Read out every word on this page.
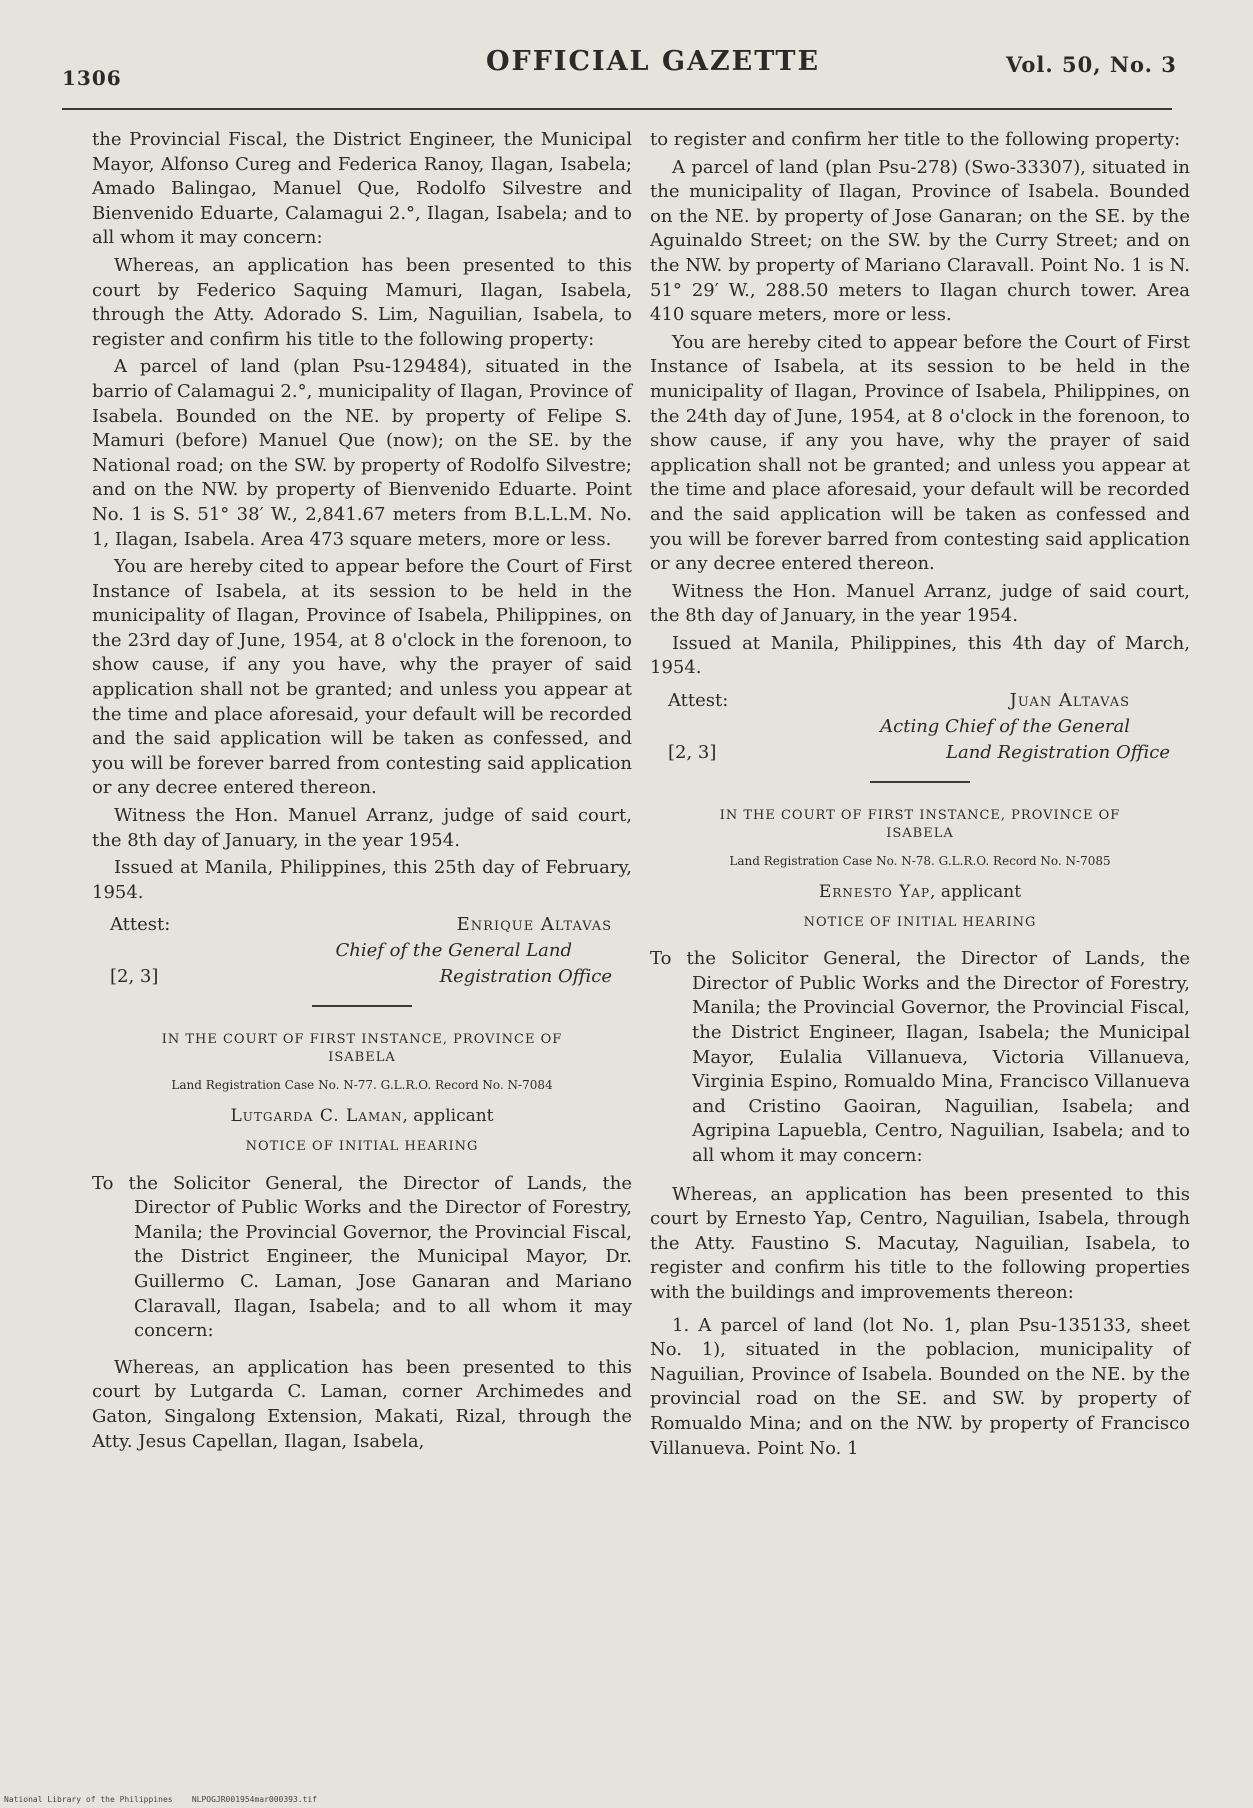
1306
OFFICIAL GAZETTE	Vol. 50, No. 3

the Provincial Fiscal, the District Engineer, the Municipal Mayor, Alfonso Cureg and Federica Ranoy, Ilagan, Isabela; Amado Balingao, Manuel Que, Rodolfo Silvestre and Bienvenido Eduarte, Calamagui 2.°, Ilagan, Isabela; and to all whom it may concern:

Whereas, an application has been presented to this court by Federico Saquing Mamuri, Ilagan, Isabela, through the Atty. Adorado S. Lim, Naguilian, Isabela, to register and confirm his title to the following property:

A parcel of land (plan Psu-129484), situated in the barrio of Calamagui 2.°, municipality of Ilagan, Province of Isabela. Bounded on the NE. by property of Felipe S. Mamuri (before) Manuel Que (now); on the SE. by the National road; on the SW. by property of Rodolfo Silvestre; and on the NW. by property of Bienvenido Eduarte. Point No. 1 is S. 51° 38′ W., 2,841.67 meters from B.L.L.M. No. 1, Ilagan, Isabela. Area 473 square meters, more or less.

You are hereby cited to appear before the Court of First Instance of Isabela, at its session to be held in the municipality of Ilagan, Province of Isabela, Philippines, on the 23rd day of June, 1954, at 8 o'clock in the forenoon, to show cause, if any you have, why the prayer of said application shall not be granted; and unless you appear at the time and place aforesaid, your default will be recorded and the said application will be taken as confessed, and you will be forever barred from contesting said application or any decree entered thereon.

Witness the Hon. Manuel Arranz, judge of said court, the 8th day of January, in the year 1954.

Issued at Manila, Philippines, this 25th day of February, 1954.

Attest:	Enrique Altavas
Chief of the General Land
[2, 3]	Registration Office
IN THE COURT OF FIRST INSTANCE, PROVINCE OF ISABELA
Land Registration Case No. N-77. G.L.R.O. Record No. N-7084
Lutgarda C. Laman, applicant
NOTICE OF INITIAL HEARING

To the Solicitor General, the Director of Lands, the Director of Public Works and the Director of Forestry, Manila; the Provincial Governor, the Provincial Fiscal, the District Engineer, the Municipal Mayor, Dr. Guillermo C. Laman, Jose Ganaran and Mariano Claravall, Ilagan, Isabela; and to all whom it may concern:

Whereas, an application has been presented to this court by Lutgarda C. Laman, corner Archimedes and Gaton, Singalong Extension, Makati, Rizal, through the Atty. Jesus Capellan, Ilagan, Isabela,

to register and confirm her title to the following property:

A parcel of land (plan Psu-278) (Swo-33307), situated in the municipality of Ilagan, Province of Isabela. Bounded on the NE. by property of Jose Ganaran; on the SE. by the Aguinaldo Street; on the SW. by the Curry Street; and on the NW. by property of Mariano Claravall. Point No. 1 is N. 51° 29′ W., 288.50 meters to Ilagan church tower. Area 410 square meters, more or less.

You are hereby cited to appear before the Court of First Instance of Isabela, at its session to be held in the municipality of Ilagan, Province of Isabela, Philippines, on the 24th day of June, 1954, at 8 o'clock in the forenoon, to show cause, if any you have, why the prayer of said application shall not be granted; and unless you appear at the time and place aforesaid, your default will be recorded and the said application will be taken as confessed and you will be forever barred from contesting said application or any decree entered thereon.

Witness the Hon. Manuel Arranz, judge of said court, the 8th day of January, in the year 1954.

Issued at Manila, Philippines, this 4th day of March, 1954.

Attest:	Juan Altavas
Acting Chief of the General
[2, 3]	Land Registration Office
IN THE COURT OF FIRST INSTANCE, PROVINCE OF ISABELA
Land Registration Case No. N-78. G.L.R.O. Record No. N-7085
Ernesto Yap, applicant
NOTICE OF INITIAL HEARING

To the Solicitor General, the Director of Lands, the Director of Public Works and the Director of Forestry, Manila; the Provincial Governor, the Provincial Fiscal, the District Engineer, Ilagan, Isabela; the Municipal Mayor, Eulalia Villanueva, Victoria Villanueva, Virginia Espino, Romualdo Mina, Francisco Villanueva and Cristino Gaoiran, Naguilian, Isabela; and Agripina Lapuebla, Centro, Naguilian, Isabela; and to all whom it may concern:

Whereas, an application has been presented to this court by Ernesto Yap, Centro, Naguilian, Isabela, through the Atty. Faustino S. Macutay, Naguilian, Isabela, to register and confirm his title to the following properties with the buildings and improvements thereon:

1. A parcel of land (lot No. 1, plan Psu-135133, sheet No. 1), situated in the poblacion, municipality of Naguilian, Province of Isabela. Bounded on the NE. by the provincial road on the SE. and SW. by property of Romualdo Mina; and on the NW. by property of Francisco Villanueva. Point No. 1

National Library of the Philippines    NLPOGJR001954mar000393.tif
